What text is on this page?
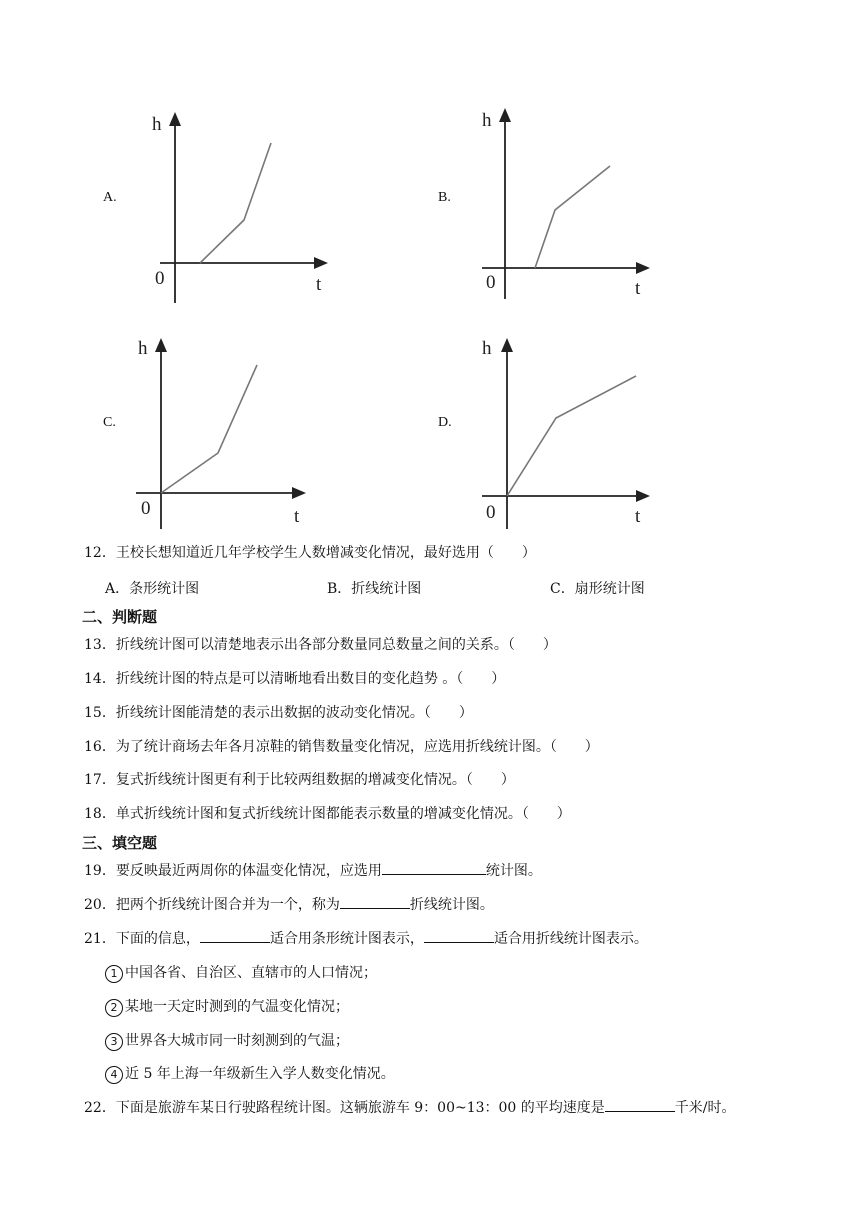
A.	B.
C.	D.
h
t
0
h
t
0
h
t
0
h
t
0
12．王校长想知道近几年学校学生人数增减变化情况，最好选用（　　）
A．条形统计图	B．折线统计图	C．扇形统计图
二、判断题
13．折线统计图可以清楚地表示出各部分数量同总数量之间的关系。（　　）
14．折线统计图的特点是可以清晰地看出数目的变化趋势 。（　　）
15．折线统计图能清楚的表示出数据的波动变化情况。（　　）
16．为了统计商场去年各月凉鞋的销售数量变化情况，应选用折线统计图。（　　）
17．复式折线统计图更有利于比较两组数据的增减变化情况。（　　）
18．单式折线统计图和复式折线统计图都能表示数量的增减变化情况。（　　）
三、填空题
19．要反映最近两周你的体温变化情况，应选用	统计图。
20．把两个折线统计图合并为一个，称为	折线统计图。
21．下面的信息，	适合用条形统计图表示，	适合用折线统计图表示。
1 中国各省、自治区、直辖市的人口情况；
2 某地一天定时测到的气温变化情况；
3 世界各大城市同一时刻测到的气温；
4 近 5 年上海一年级新生入学人数变化情况。
22．下面是旅游车某日行驶路程统计图。这辆旅游车 9：00~13：00 的平均速度是	千米/时。
